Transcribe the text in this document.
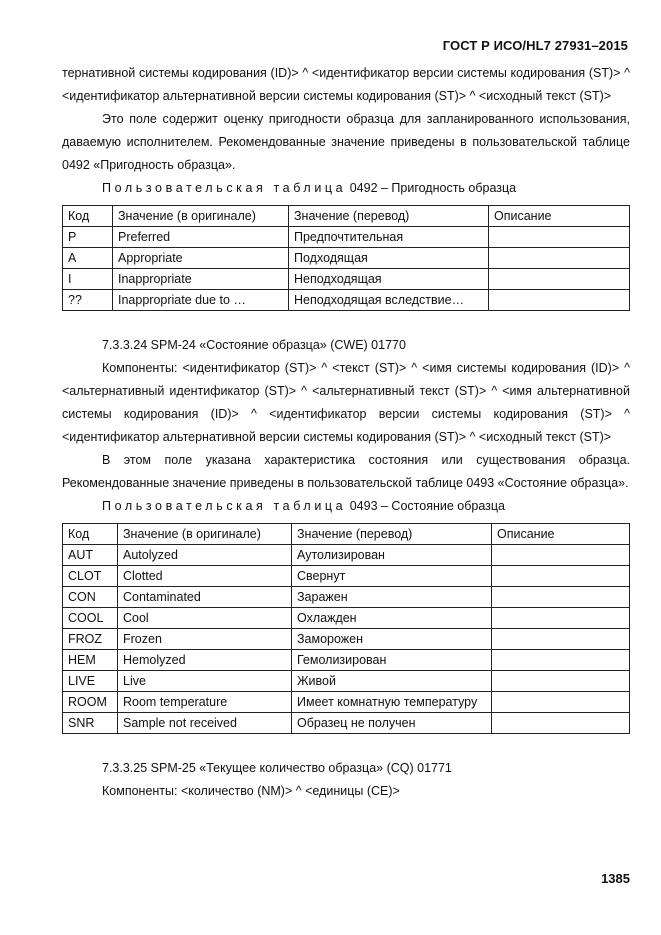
ГОСТ Р ИСО/HL7 27931–2015

тернативной системы кодирования (ID)> ^ <идентификатор версии системы кодирования (ST)> ^ <идентификатор альтернативной версии системы кодирования (ST)> ^ <исходный текст (ST)>

Это поле содержит оценку пригодности образца для запланированного использования, даваемую исполнителем. Рекомендованные значение приведены в пользовательской таблице 0492 «Пригодность образца».

Пользовательская таблица 0492 – Пригодность образца

Код	Значение (в оригинале)	Значение (перевод)	Описание
P	Preferred	Предпочтительная	
A	Appropriate	Подходящая	
I	Inappropriate	Неподходящая	
??	Inappropriate due to …	Неподходящая вследствие…	

7.3.3.24 SPM-24 «Состояние образца» (CWE) 01770

Компоненты: <идентификатор (ST)> ^ <текст (ST)> ^ <имя системы кодирования (ID)> ^ <альтернативный идентификатор (ST)> ^ <альтернативный текст (ST)> ^ <имя альтернативной системы кодирования (ID)> ^ <идентификатор версии системы кодирования (ST)> ^ <идентификатор альтернативной версии системы кодирования (ST)> ^ <исходный текст (ST)>

В этом поле указана характеристика состояния или существования образца. Рекомендованные значение приведены в пользовательской таблице 0493 «Состояние образца».

Пользовательская таблица 0493 – Состояние образца

Код	Значение (в оригинале)	Значение (перевод)	Описание
AUT	Autolyzed	Аутолизирован	
CLOT	Clotted	Свернут	
CON	Contaminated	Заражен	
COOL	Cool	Охлажден	
FROZ	Frozen	Заморожен	
HEM	Hemolyzed	Гемолизирован	
LIVE	Live	Живой	
ROOM	Room temperature	Имеет комнатную температуру	
SNR	Sample not received	Образец не получен	

7.3.3.25 SPM-25 «Текущее количество образца» (CQ) 01771

Компоненты: <количество (NM)> ^ <единицы (CE)>

1385
